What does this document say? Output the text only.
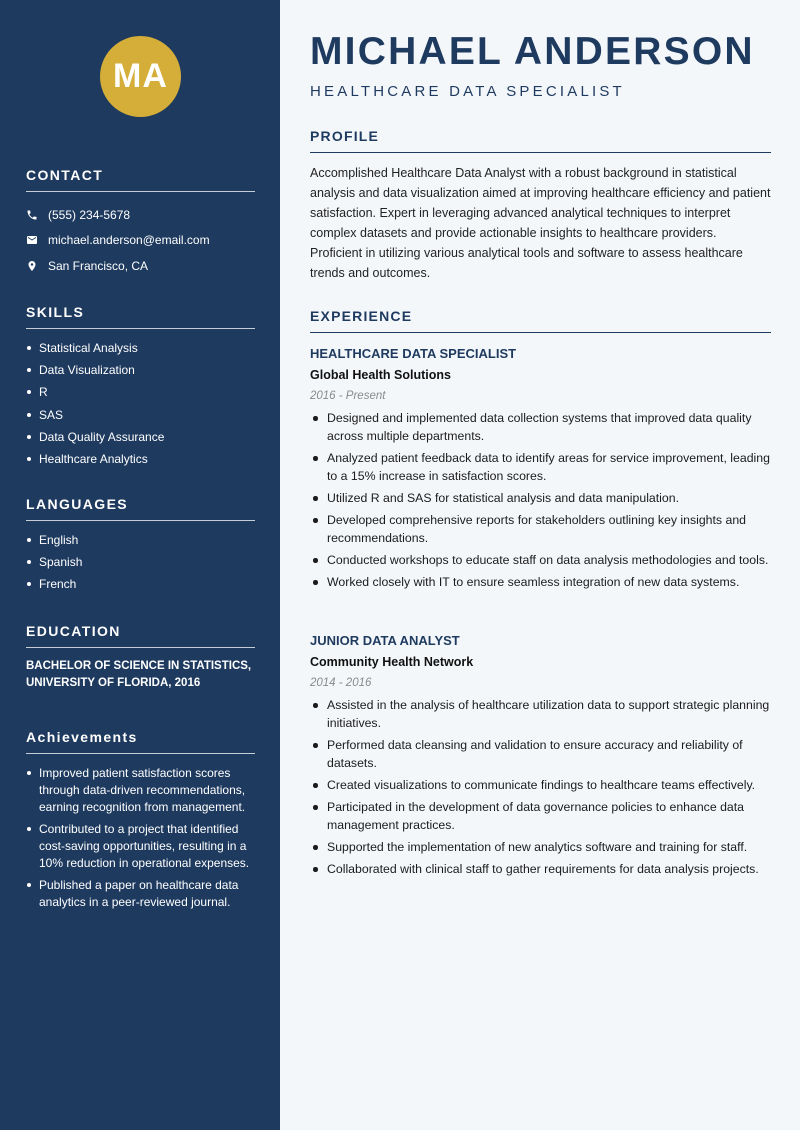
MA
CONTACT
(555) 234-5678
michael.anderson@email.com
San Francisco, CA
SKILLS
Statistical Analysis
Data Visualization
R
SAS
Data Quality Assurance
Healthcare Analytics
LANGUAGES
English
Spanish
French
EDUCATION

BACHELOR OF SCIENCE IN STATISTICS, UNIVERSITY OF FLORIDA, 2016

Achievements
Improved patient satisfaction scores through data-driven recommendations, earning recognition from management.
Contributed to a project that identified cost-saving opportunities, resulting in a 10% reduction in operational expenses.
Published a paper on healthcare data analytics in a peer-reviewed journal.
MICHAEL ANDERSON
HEALTHCARE DATA SPECIALIST
PROFILE

Accomplished Healthcare Data Analyst with a robust background in statistical analysis and data visualization aimed at improving healthcare efficiency and patient satisfaction. Expert in leveraging advanced analytical techniques to interpret complex datasets and provide actionable insights to healthcare providers. Proficient in utilizing various analytical tools and software to assess healthcare trends and outcomes.

EXPERIENCE
HEALTHCARE DATA SPECIALIST
Global Health Solutions
2016 - Present
Designed and implemented data collection systems that improved data quality across multiple departments.
Analyzed patient feedback data to identify areas for service improvement, leading to a 15% increase in satisfaction scores.
Utilized R and SAS for statistical analysis and data manipulation.
Developed comprehensive reports for stakeholders outlining key insights and recommendations.
Conducted workshops to educate staff on data analysis methodologies and tools.
Worked closely with IT to ensure seamless integration of new data systems.
JUNIOR DATA ANALYST
Community Health Network
2014 - 2016
Assisted in the analysis of healthcare utilization data to support strategic planning initiatives.
Performed data cleansing and validation to ensure accuracy and reliability of datasets.
Created visualizations to communicate findings to healthcare teams effectively.
Participated in the development of data governance policies to enhance data management practices.
Supported the implementation of new analytics software and training for staff.
Collaborated with clinical staff to gather requirements for data analysis projects.
